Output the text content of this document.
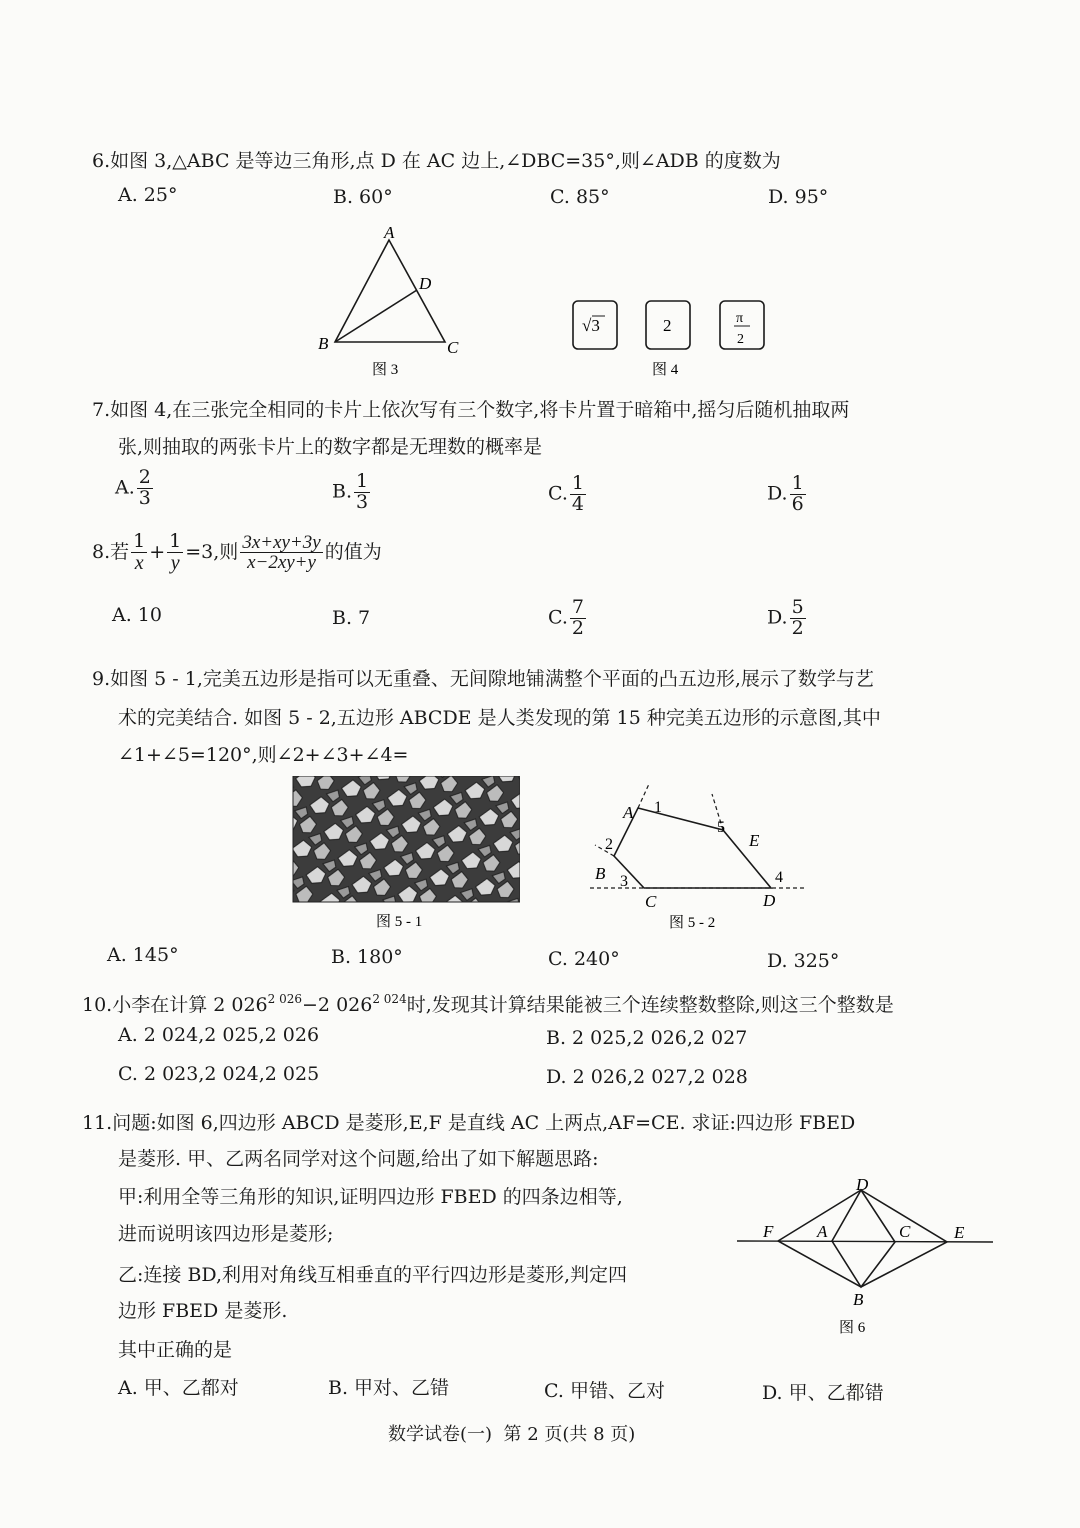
6.如图 3,△ABC 是等边三角形,点 D 在 AC 边上,∠DBC=35°,则∠ADB 的度数为
A. 25°	B. 60°	C. 85°	D. 95°
A
B	C
D
图 3
√3	2	π
2
图 4
7.如图 4,在三张完全相同的卡片上依次写有三个数字,将卡片置于暗箱中,摇匀后随机抽取两
张,则抽取的两张卡片上的数字都是无理数的概率是
A. $\frac{2}{3}$	B. $\frac{1}{3}$	C. $\frac{1}{4}$	D. $\frac{1}{6}$
8.若 $\frac{1}{x} + \frac{1}{y} =3$,则 $\frac{3x+xy+3y}{x-2xy+y}$ 的值为
A. 10	B. 7	C. $\frac{7}{2}$	D. $\frac{5}{2}$
9.如图 5 - 1,完美五边形是指可以无重叠、无间隙地铺满整个平面的凸五边形,展示了数学与艺
术的完美结合. 如图 5 - 2,五边形 ABCDE 是人类发现的第 15 种完美五边形的示意图,其中
∠1+∠5=120°,则∠2+∠3+∠4=
图 5 - 1
A
B
C	D
E
1
2
3	4
5
图 5 - 2
A. 145°	B. 180°	C. 240°	D. 325°
10.小李在计算 2 $026^{2 026}-2$ $026^{2 024}$时,发现其计算结果能被三个连续整数整除,则这三个整数是
A. 2 024,2 025,2 026	B. 2 025,2 026,2 027
C. 2 023,2 024,2 025	D. 2 026,2 027,2 028
11.问题:如图 6,四边形 ABCD 是菱形,E,F 是直线 AC 上两点,AF=CE. 求证:四边形 FBED
是菱形. 甲、乙两名同学对这个问题,给出了如下解题思路:
甲:利用全等三角形的知识,证明四边形 FBED 的四条边相等,
进而说明该四边形是菱形;
乙:连接 BD,利用对角线互相垂直的平行四边形是菱形,判定四
边形 FBED 是菱形.
其中正确的是
D
F	A	C	E
B
图 6
A. 甲、乙都对	B. 甲对、乙错	C. 甲错、乙对	D. 甲、乙都错
数学试卷(一)  第 2 页(共 8 页)
